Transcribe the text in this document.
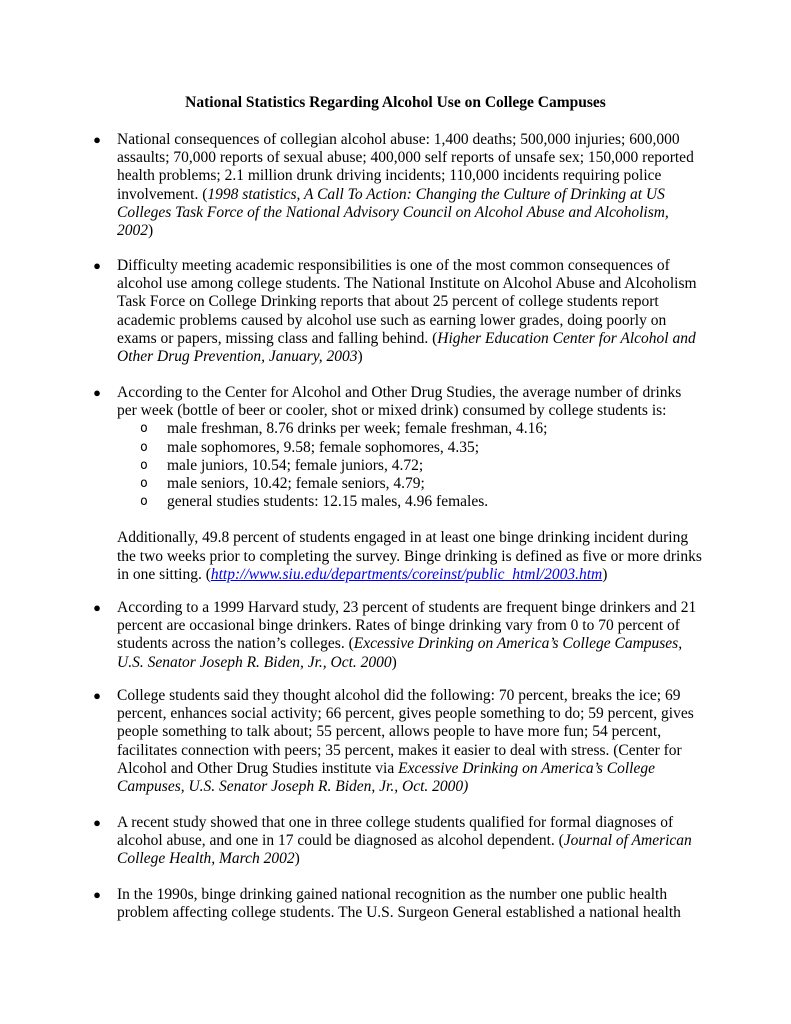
National Statistics Regarding Alcohol Use on College Campuses
● National consequences of collegian alcohol abuse: 1,400 deaths; 500,000 injuries; 600,000 assaults; 70,000 reports of sexual abuse; 400,000 self reports of unsafe sex; 150,000 reported health problems; 2.1 million drunk driving incidents; 110,000 incidents requiring police involvement. (1998 statistics, A Call To Action: Changing the Culture of Drinking at US Colleges Task Force of the National Advisory Council on Alcohol Abuse and Alcoholism, 2002)

● Difficulty meeting academic responsibilities is one of the most common consequences of alcohol use among college students. The National Institute on Alcohol Abuse and Alcoholism Task Force on College Drinking reports that about 25 percent of college students report academic problems caused by alcohol use such as earning lower grades, doing poorly on exams or papers, missing class and falling behind. (Higher Education Center for Alcohol and Other Drug Prevention, January, 2003)

● According to the Center for Alcohol and Other Drug Studies, the average number of drinks per week (bottle of beer or cooler, shot or mixed drink) consumed by college students is:

o male freshman, 8.76 drinks per week; female freshman, 4.16;
o male sophomores, 9.58; female sophomores, 4.35;
o male juniors, 10.54; female juniors, 4.72;
o male seniors, 10.42; female seniors, 4.79;
o general studies students: 12.15 males, 4.96 females.

Additionally, 49.8 percent of students engaged in at least one binge drinking incident during the two weeks prior to completing the survey. Binge drinking is defined as five or more drinks in one sitting. (http://www.siu.edu/departments/coreinst/public_html/2003.htm)

● According to a 1999 Harvard study, 23 percent of students are frequent binge drinkers and 21 percent are occasional binge drinkers. Rates of binge drinking vary from 0 to 70 percent of students across the nation’s colleges. (Excessive Drinking on America’s College Campuses, U.S. Senator Joseph R. Biden, Jr., Oct. 2000)

● College students said they thought alcohol did the following: 70 percent, breaks the ice; 69 percent, enhances social activity; 66 percent, gives people something to do; 59 percent, gives people something to talk about; 55 percent, allows people to have more fun; 54 percent, facilitates connection with peers; 35 percent, makes it easier to deal with stress. (Center for Alcohol and Other Drug Studies institute via Excessive Drinking on America’s College Campuses, U.S. Senator Joseph R. Biden, Jr., Oct. 2000)

● A recent study showed that one in three college students qualified for formal diagnoses of alcohol abuse, and one in 17 could be diagnosed as alcohol dependent. (Journal of American College Health, March 2002)

● In the 1990s, binge drinking gained national recognition as the number one public health problem affecting college students. The U.S. Surgeon General established a national health
